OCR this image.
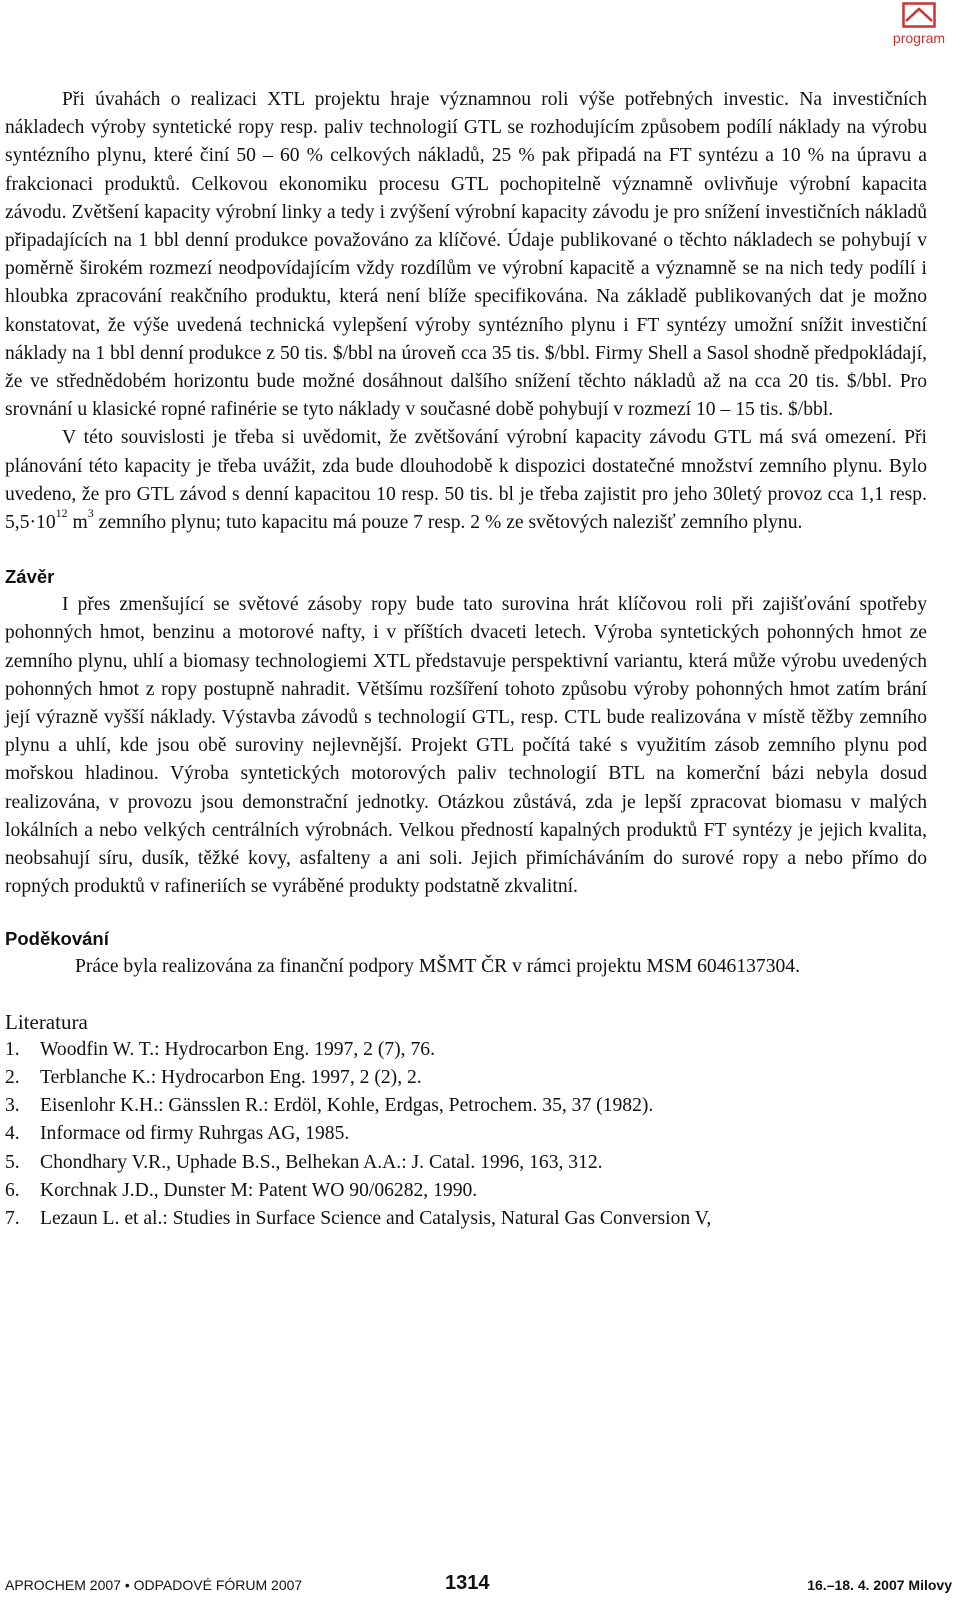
program

Při úvahách o realizaci XTL projektu hraje významnou roli výše potřebných investic. Na investičních nákladech výroby syntetické ropy resp. paliv technologií GTL se rozhodujícím způsobem podílí náklady na výrobu syntézního plynu, které činí 50 – 60 % celkových nákladů, 25 % pak připadá na FT syntézu a 10 % na úpravu a frakcionaci produktů. Celkovou ekonomiku procesu GTL pochopitelně významně ovlivňuje výrobní kapacita závodu. Zvětšení kapacity výrobní linky a tedy i zvýšení výrobní kapacity závodu je pro snížení investičních nákladů připadajících na 1 bbl denní produkce považováno za klíčové. Údaje publikované o těchto nákladech se pohybují v poměrně širokém rozmezí neodpovídajícím vždy rozdílům ve výrobní kapacitě a významně se na nich tedy podílí i hloubka zpracování reakčního produktu, která není blíže specifikována. Na základě publikovaných dat je možno konstatovat, že výše uvedená technická vylepšení výroby syntézního plynu i FT syntézy umožní snížit investiční náklady na 1 bbl denní produkce z 50 tis. $/bbl na úroveň cca 35 tis. $/bbl. Firmy Shell a Sasol shodně předpokládají, že ve střednědobém horizontu bude možné dosáhnout dalšího snížení těchto nákladů až na cca 20 tis. $/bbl. Pro srovnání u klasické ropné rafinérie se tyto náklady v současné době pohybují v rozmezí 10 – 15 tis. $/bbl.

V této souvislosti je třeba si uvědomit, že zvětšování výrobní kapacity závodu GTL má svá omezení. Při plánování této kapacity je třeba uvážit, zda bude dlouhodobě k dispozici dostatečné množství zemního plynu. Bylo uvedeno, že pro GTL závod s denní kapacitou 10 resp. 50 tis. bl je třeba zajistit pro jeho 30letý provoz cca 1,1 resp. $5,5\cdot 10^{12}$ $m^3$ zemního plynu; tuto kapacitu má pouze 7 resp. 2 % ze světových nalezišť zemního plynu.

Závěr

I přes zmenšující se světové zásoby ropy bude tato surovina hrát klíčovou roli při zajišťování spotřeby pohonných hmot, benzinu a motorové nafty, i v příštích dvaceti letech. Výroba syntetických pohonných hmot ze zemního plynu, uhlí a biomasy technologiemi XTL představuje perspektivní variantu, která může výrobu uvedených pohonných hmot z ropy postupně nahradit. Většímu rozšíření tohoto způsobu výroby pohonných hmot zatím brání její výrazně vyšší náklady. Výstavba závodů s technologií GTL, resp. CTL bude realizována v místě těžby zemního plynu a uhlí, kde jsou obě suroviny nejlevnější. Projekt GTL počítá také s využitím zásob zemního plynu pod mořskou hladinou. Výroba syntetických motorových paliv technologií BTL na komerční bázi nebyla dosud realizována, v provozu jsou demonstrační jednotky. Otázkou zůstává, zda je lepší zpracovat biomasu v malých lokálních a nebo velkých centrálních výrobnách. Velkou předností kapalných produktů FT syntézy je jejich kvalita, neobsahují síru, dusík, těžké kovy, asfalteny a ani soli. Jejich přimícháváním do surové ropy a nebo přímo do ropných produktů v rafineriích se vyráběné produkty podstatně zkvalitní.

Poděkování

Práce byla realizována za finanční podpory MŠMT ČR v rámci projektu MSM 6046137304.

Literatura
1.	Woodfin W. T.: Hydrocarbon Eng. 1997, 2 (7), 76.
2.	Terblanche K.: Hydrocarbon Eng. 1997, 2 (2), 2.
3.	Eisenlohr K.H.: Gänsslen R.: Erdöl, Kohle, Erdgas, Petrochem. 35, 37 (1982).
4.	Informace od firmy Ruhrgas AG, 1985.
5.	Chondhary V.R., Uphade B.S., Belhekan A.A.: J. Catal. 1996, 163, 312.
6.	Korchnak J.D., Dunster M: Patent WO 90/06282, 1990.
7.	Lezaun L. et al.: Studies in Surface Science and Catalysis, Natural Gas Conversion V,
APROCHEM 2007 • ODPADOVÉ FÓRUM 2007	1314	16.–18. 4. 2007 Milovy
